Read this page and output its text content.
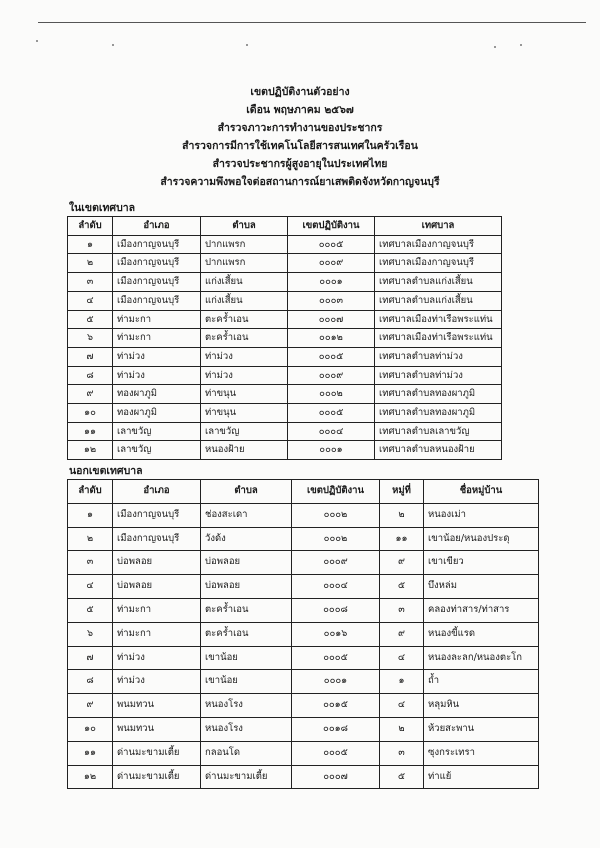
เขตปฏิบัติงานตัวอย่าง
เดือน พฤษภาคม ๒๕๖๗
สำรวจภาวะการทำงานของประชากร
สำรวจการมีการใช้เทคโนโลยีสารสนเทศในครัวเรือน
สำรวจประชากรผู้สูงอายุในประเทศไทย
สำรวจความพึงพอใจต่อสถานการณ์ยาเสพติดจังหวัดกาญจนบุรี
ในเขตเทศบาล
ลำดับ	อำเภอ	ตำบล	เขตปฏิบัติงาน	เทศบาล
๑	เมืองกาญจนบุรี	ปากแพรก	๐๐๐๕	เทศบาลเมืองกาญจนบุรี
๒	เมืองกาญจนบุรี	ปากแพรก	๐๐๐๙	เทศบาลเมืองกาญจนบุรี
๓	เมืองกาญจนบุรี	แก่งเสี้ยน	๐๐๐๑	เทศบาลตำบลแก่งเสี้ยน
๔	เมืองกาญจนบุรี	แก่งเสี้ยน	๐๐๐๓	เทศบาลตำบลแก่งเสี้ยน
๕	ท่ามะกา	ตะคร้ำเอน	๐๐๐๗	เทศบาลเมืองท่าเรือพระแท่น
๖	ท่ามะกา	ตะคร้ำเอน	๐๐๑๒	เทศบาลเมืองท่าเรือพระแท่น
๗	ท่าม่วง	ท่าม่วง	๐๐๐๕	เทศบาลตำบลท่าม่วง
๘	ท่าม่วง	ท่าม่วง	๐๐๐๙	เทศบาลตำบลท่าม่วง
๙	ทองผาภูมิ	ท่าขนุน	๐๐๐๒	เทศบาลตำบลทองผาภูมิ
๑๐	ทองผาภูมิ	ท่าขนุน	๐๐๐๕	เทศบาลตำบลทองผาภูมิ
๑๑	เลาขวัญ	เลาขวัญ	๐๐๐๔	เทศบาลตำบลเลาขวัญ
๑๒	เลาขวัญ	หนองฝ้าย	๐๐๐๑	เทศบาลตำบลหนองฝ้าย
นอกเขตเทศบาล
ลำดับ	อำเภอ	ตำบล	เขตปฏิบัติงาน	หมู่ที่	ชื่อหมู่บ้าน
๑	เมืองกาญจนบุรี	ช่องสะเดา	๐๐๐๒	๒	หนองเม่า
๒	เมืองกาญจนบุรี	วังด้ง	๐๐๐๒	๑๑	เขาน้อย/หนองประดุ
๓	บ่อพลอย	บ่อพลอย	๐๐๐๙	๙	เขาเขียว
๔	บ่อพลอย	บ่อพลอย	๐๐๐๔	๕	บึงหล่ม
๕	ท่ามะกา	ตะคร้ำเอน	๐๐๐๘	๓	คลองท่าสาร/ท่าสาร
๖	ท่ามะกา	ตะคร้ำเอน	๐๐๑๖	๙	หนองขี้แรด
๗	ท่าม่วง	เขาน้อย	๐๐๐๕	๔	หนองละลก/หนองตะโก
๘	ท่าม่วง	เขาน้อย	๐๐๐๑	๑	ถ้ำ
๙	พนมทวน	หนองโรง	๐๐๑๕	๔	หลุมหิน
๑๐	พนมทวน	หนองโรง	๐๐๑๘	๒	ห้วยสะพาน
๑๑	ด่านมะขามเตี้ย	กลอนโด	๐๐๐๕	๓	ซุงกระเทรา
๑๒	ด่านมะขามเตี้ย	ด่านมะขามเตี้ย	๐๐๐๗	๕	ท่าแย้
